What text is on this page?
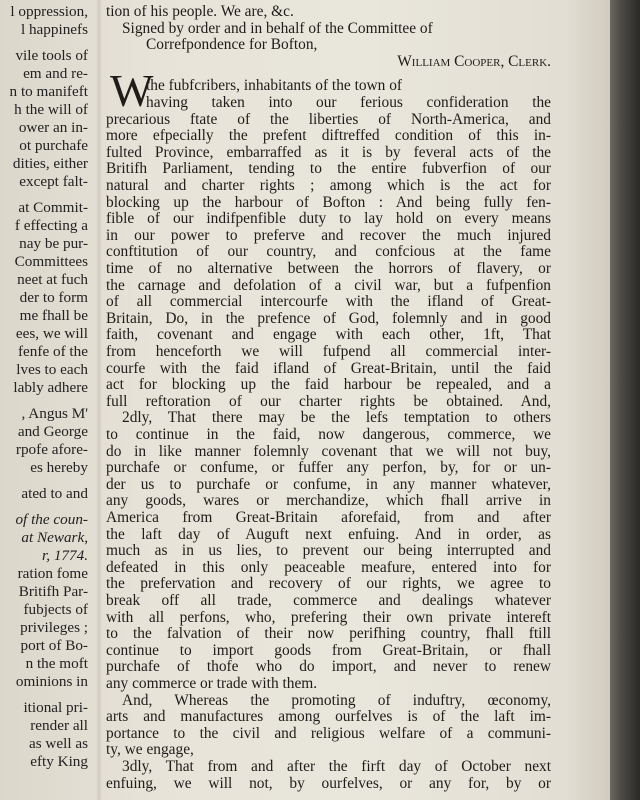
l oppression,
l happinefs
vile tools of
em and re-
n to manifeft
h the will of
ower an in-
ot purchafe
dities, either
except falt-
at Commit-
f effecting a
nay be pur-
Committees
neet at fuch
der to form
me fhall be
ees, we will
fenfe of the
lves to each
lably adhere
, Angus M'
and George
rpofe afore-
es hereby
ated to and
of the coun-
at Newark,
r, 1774.
ration fome
Britifh Par-
fubjects of
privileges ;
port of Bo-
n the moft
ominions in
itional pri-
render all
as well as
efty King
W
tion of his people. We are, &c.
Signed by order and in behalf of the Committee of
Correfpondence for Bofton,
William Cooper, Clerk.
the fubfcribers, inhabitants of the town of
having taken into our ferious confideration the
precarious ftate of the liberties of North-America, and
more efpecially the prefent diftreffed condition of this in-
fulted Province, embarraffed as it is by feveral acts of the
Britifh Parliament, tending to the entire fubverfion of our
natural and charter rights ; among which is the act for
blocking up the harbour of Bofton : And being fully fen-
fible of our indifpenfible duty to lay hold on every means
in our power to preferve and recover the much injured
conftitution of our country, and confcious at the fame
time of no alternative between the horrors of flavery, or
the carnage and defolation of a civil war, but a fufpenfion
of all commercial intercourfe with the ifland of Great-
Britain, Do, in the prefence of God, folemnly and in good
faith, covenant and engage with each other, 1ft, That
from henceforth we will fufpend all commercial inter-
courfe with the faid ifland of Great-Britain, until the faid
act for blocking up the faid harbour be repealed, and a
full reftoration of our charter rights be obtained. And,
2dly, That there may be the lefs temptation to others
to continue in the faid, now dangerous, commerce, we
do in like manner folemnly covenant that we will not buy,
purchafe or confume, or fuffer any perfon, by, for or un-
der us to purchafe or confume, in any manner whatever,
any goods, wares or merchandize, which fhall arrive in
America from Great-Britain aforefaid, from and after
the laft day of Auguft next enfuing. And in order, as
much as in us lies, to prevent our being interrupted and
defeated in this only peaceable meafure, entered into for
the prefervation and recovery of our rights, we agree to
break off all trade, commerce and dealings whatever
with all perfons, who, prefering their own private intereft
to the falvation of their now perifhing country, fhall ftill
continue to import goods from Great-Britain, or fhall
purchafe of thofe who do import, and never to renew
any commerce or trade with them.
And, Whereas the promoting of induftry, œconomy,
arts and manufactures among ourfelves is of the laft im-
portance to the civil and religious welfare of a communi-
ty, we engage,
3dly, That from and after the firft day of October next
enfuing, we will not, by ourfelves, or any for, by or
